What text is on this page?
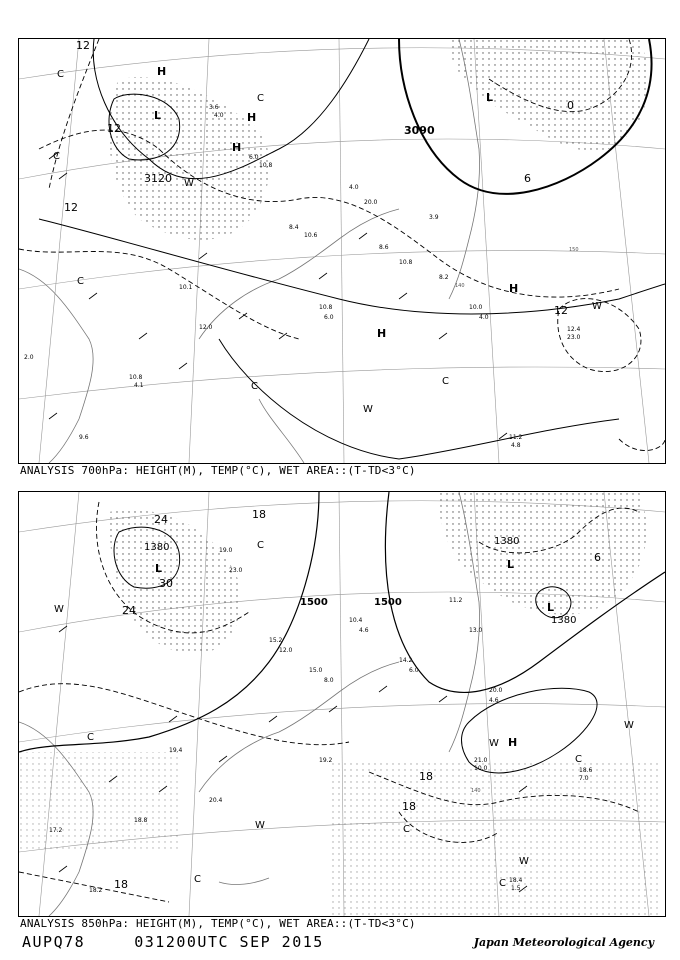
3.6
4.0
6.0
10.8
8.4
10.6
4.0
20.0
8.6
10.8
3.9
8.2
10.0
4.0
11.2
4.8
12.4
23.0
10.1
12.0
10.8
6.0
10.8
4.1
9.6
2.0
3120
3090
12
12
12
12
0
6
H
H
L
L
H
H
H
W
W
W
C
C
C
C
C	C
140
150
ANALYSIS 700hPa: HEIGHT(M), TEMP(°C), WET AREA::(T-TD<3°C)
19.0
23.0
15.2
12.0
15.0
8.0
10.4
4.6
14.2
6.0
11.2
13.0
20.0
4.6
21.0
10.0	18.6
7.0
18.4
1.5
18.8
17.2
20.4
19.2
19.4
18.2
1380
1380
1380
1500	1500
24
24
30
18
18
18
18
6
L	L
L
H
W
W
W
W
C
C
C
C	C
C
W
140
ANALYSIS 850hPa: HEIGHT(M), TEMP(°C), WET AREA::(T-TD<3°C)
AUPQ78	031200UTC SEP 2015	Japan Meteorological Agency
